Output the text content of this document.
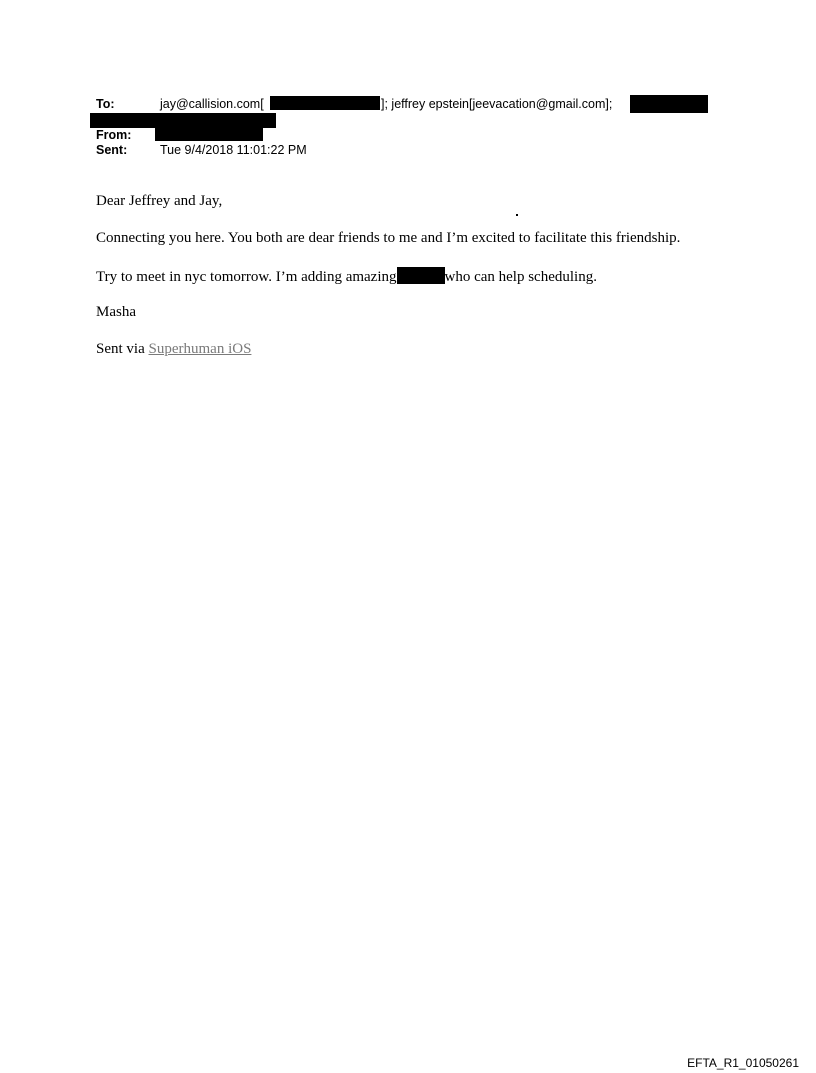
To:	jay@callision.com[	]; jeffrey epstein[jeevacation@gmail.com];
From:
Sent:	Tue 9/4/2018 11:01:22 PM
Dear Jeffrey and Jay,
Connecting you here. You both are dear friends to me and I’m excited to facilitate this friendship.
Try to meet in nyc tomorrow. I’m adding amazing	who can help scheduling.
Masha
Sent via Superhuman iOS
EFTA_R1_01050261
